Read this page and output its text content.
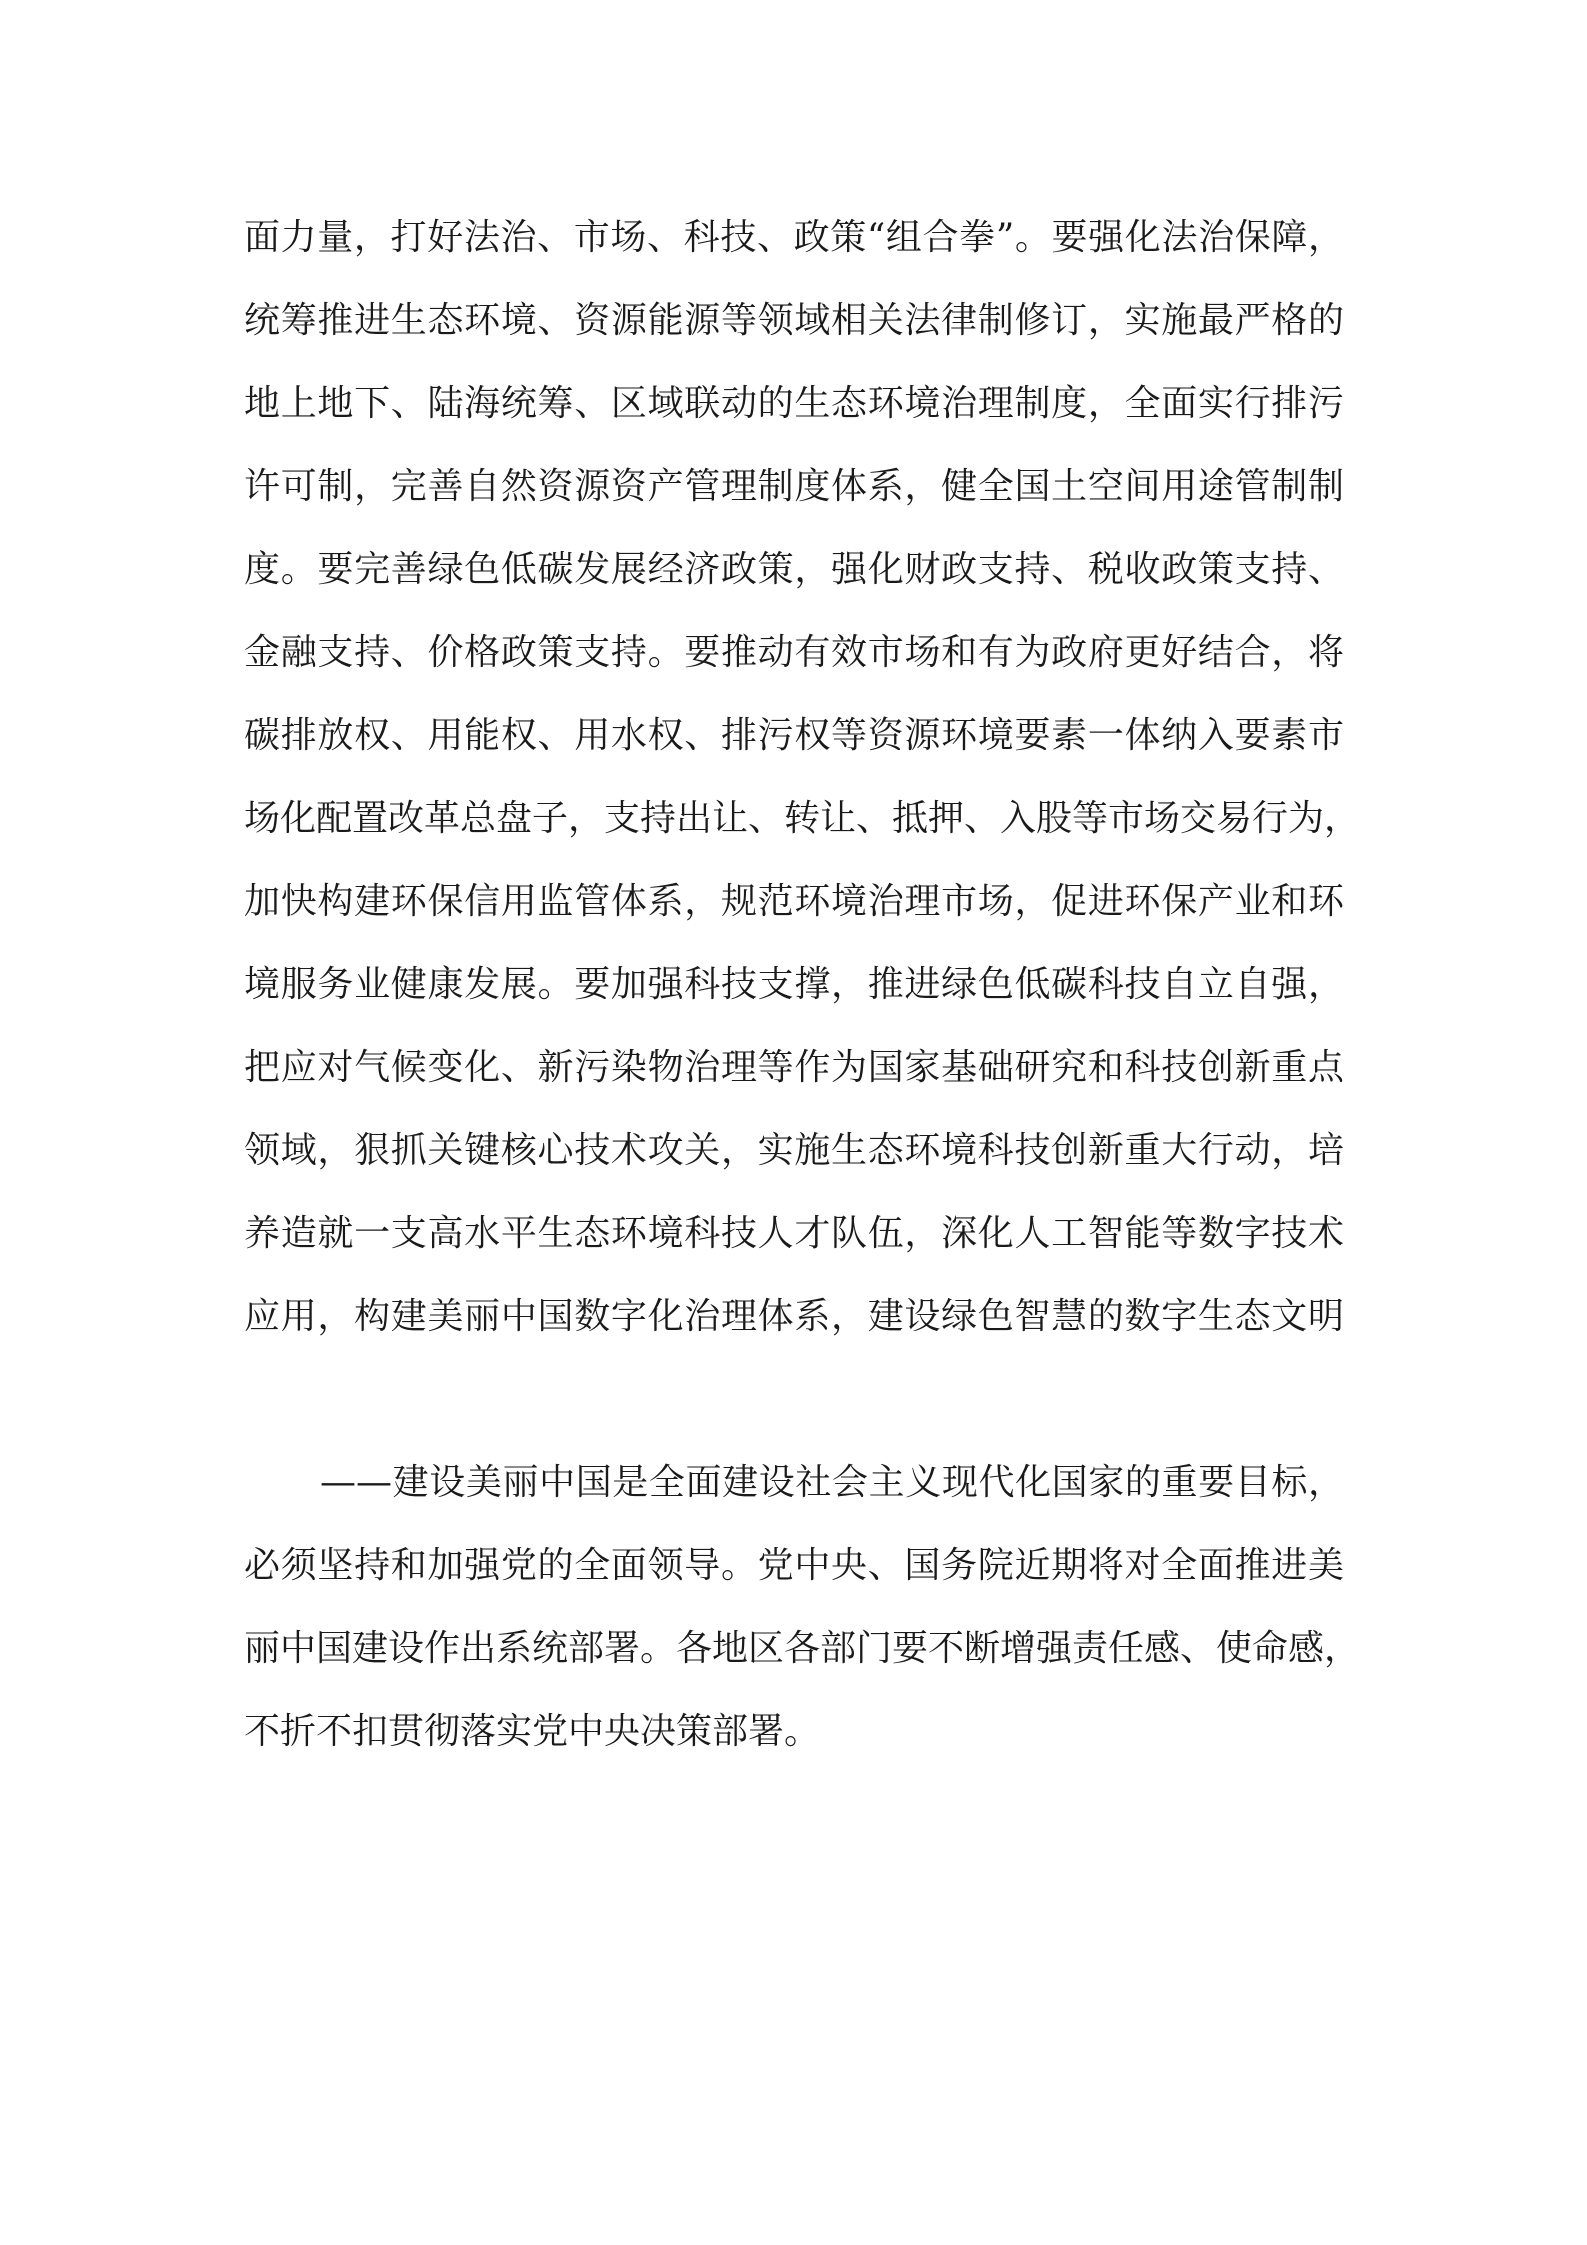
面力量，打好法治、市场、科技、政策“组合拳”。要强化法治保障，
统筹推进生态环境、资源能源等领域相关法律制修订，实施最严格的
地上地下、陆海统筹、区域联动的生态环境治理制度，全面实行排污
许可制，完善自然资源资产管理制度体系，健全国土空间用途管制制
度。要完善绿色低碳发展经济政策，强化财政支持、税收政策支持、
金融支持、价格政策支持。要推动有效市场和有为政府更好结合，将
碳排放权、用能权、用水权、排污权等资源环境要素一体纳入要素市
场化配置改革总盘子，支持出让、转让、抵押、入股等市场交易行为，
加快构建环保信用监管体系，规范环境治理市场，促进环保产业和环
境服务业健康发展。要加强科技支撑，推进绿色低碳科技自立自强，
把应对气候变化、新污染物治理等作为国家基础研究和科技创新重点
领域，狠抓关键核心技术攻关，实施生态环境科技创新重大行动，培
养造就一支高水平生态环境科技人才队伍，深化人工智能等数字技术
应用，构建美丽中国数字化治理体系，建设绿色智慧的数字生态文明
——建设美丽中国是全面建设社会主义现代化国家的重要目标，
必须坚持和加强党的全面领导。党中央、国务院近期将对全面推进美
丽中国建设作出系统部署。各地区各部门要不断增强责任感、使命感，
不折不扣贯彻落实党中央决策部署。
